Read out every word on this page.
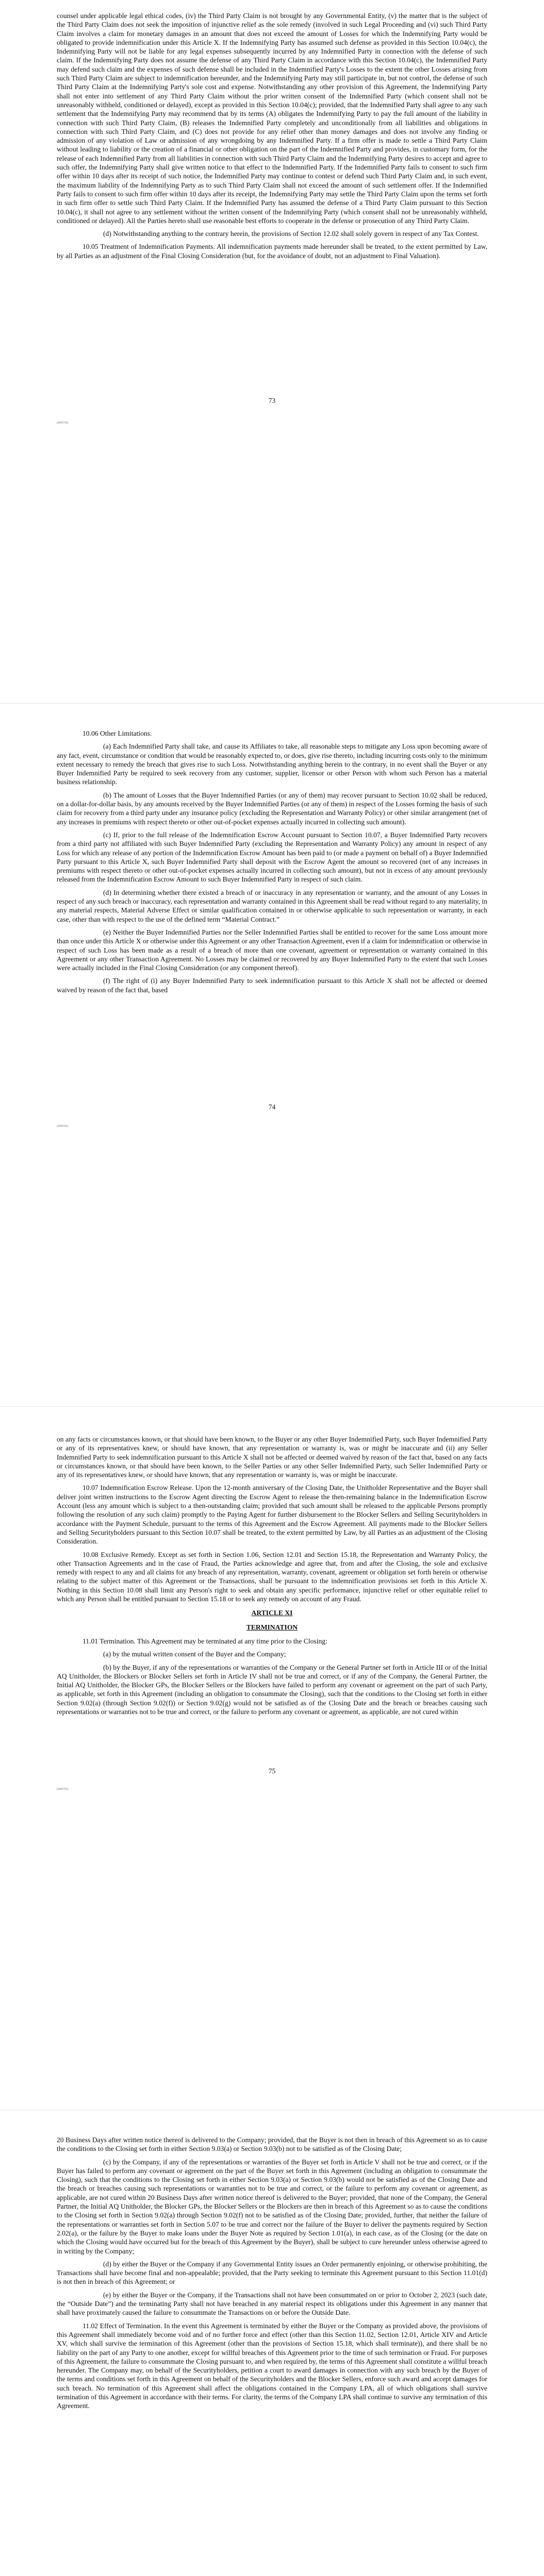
counsel under applicable legal ethical codes, (iv) the Third Party Claim is not brought by any Governmental Entity, (v) the matter that is the subject of the Third Party Claim does not seek the imposition of injunctive relief as the sole remedy (involved in such Legal Proceeding and (vi) such Third Party Claim involves a claim for monetary damages in an amount that does not exceed the amount of Losses for which the Indemnifying Party would be obligated to provide indemnification under this Article X. If the Indemnifying Party has assumed such defense as provided in this Section 10.04(c), the Indemnifying Party will not be liable for any legal expenses subsequently incurred by any Indemnified Party in connection with the defense of such claim. If the Indemnifying Party does not assume the defense of any Third Party Claim in accordance with this Section 10.04(c), the Indemnified Party may defend such claim and the expenses of such defense shall be included in the Indemnified Party's Losses to the extent the other Losses arising from such Third Party Claim are subject to indemnification hereunder, and the Indemnifying Party may still participate in, but not control, the defense of such Third Party Claim at the Indemnifying Party's sole cost and expense. Notwithstanding any other provision of this Agreement, the Indemnifying Party shall not enter into settlement of any Third Party Claim without the prior written consent of the Indemnified Party (which consent shall not be unreasonably withheld, conditioned or delayed), except as provided in this Section 10.04(c); provided, that the Indemnified Party shall agree to any such settlement that the Indemnifying Party may recommend that by its terms (A) obligates the Indemnifying Party to pay the full amount of the liability in connection with such Third Party Claim, (B) releases the Indemnified Party completely and unconditionally from all liabilities and obligations in connection with such Third Party Claim, and (C) does not provide for any relief other than money damages and does not involve any finding or admission of any violation of Law or admission of any wrongdoing by any Indemnified Party. If a firm offer is made to settle a Third Party Claim without leading to liability or the creation of a financial or other obligation on the part of the Indemnified Party and provides, in customary form, for the release of each Indemnified Party from all liabilities in connection with such Third Party Claim and the Indemnifying Party desires to accept and agree to such offer, the Indemnifying Party shall give written notice to that effect to the Indemnified Party. If the Indemnified Party fails to consent to such firm offer within 10 days after its receipt of such notice, the Indemnified Party may continue to contest or defend such Third Party Claim and, in such event, the maximum liability of the Indemnifying Party as to such Third Party Claim shall not exceed the amount of such settlement offer. If the Indemnified Party fails to consent to such firm offer within 10 days after its receipt, the Indemnifying Party may settle the Third Party Claim upon the terms set forth in such firm offer to settle such Third Party Claim. If the Indemnified Party has assumed the defense of a Third Party Claim pursuant to this Section 10.04(c), it shall not agree to any settlement without the written consent of the Indemnifying Party (which consent shall not be unreasonably withheld, conditioned or delayed). All the Parties hereto shall use reasonable best efforts to cooperate in the defense or prosecution of any Third Party Claim.

(d) Notwithstanding anything to the contrary herein, the provisions of Section 12.02 shall solely govern in respect of any Tax Contest.

10.05 Treatment of Indemnification Payments. All indemnification payments made hereunder shall be treated, to the extent permitted by Law, by all Parties as an adjustment of the Final Closing Consideration (but, for the avoidance of doubt, not an adjustment to Final Valuation).

73
[6099702]

10.06 Other Limitations.

(a) Each Indemnified Party shall take, and cause its Affiliates to take, all reasonable steps to mitigate any Loss upon becoming aware of any fact, event, circumstance or condition that would be reasonably expected to, or does, give rise thereto, including incurring costs only to the minimum extent necessary to remedy the breach that gives rise to such Loss. Notwithstanding anything herein to the contrary, in no event shall the Buyer or any Buyer Indemnified Party be required to seek recovery from any customer, supplier, licensor or other Person with whom such Person has a material business relationship.

(b) The amount of Losses that the Buyer Indemnified Parties (or any of them) may recover pursuant to Section 10.02 shall be reduced, on a dollar-for-dollar basis, by any amounts received by the Buyer Indemnified Parties (or any of them) in respect of the Losses forming the basis of such claim for recovery from a third party under any insurance policy (excluding the Representation and Warranty Policy) or other similar arrangement (net of any increases in premiums with respect thereto or other out-of-pocket expenses actually incurred in collecting such amount).

(c) If, prior to the full release of the Indemnification Escrow Account pursuant to Section 10.07, a Buyer Indemnified Party recovers from a third party not affiliated with such Buyer Indemnified Party (excluding the Representation and Warranty Policy) any amount in respect of any Loss for which any release of any portion of the Indemnification Escrow Amount has been paid to (or made a payment on behalf of) a Buyer Indemnified Party pursuant to this Article X, such Buyer Indemnified Party shall deposit with the Escrow Agent the amount so recovered (net of any increases in premiums with respect thereto or other out-of-pocket expenses actually incurred in collecting such amount), but not in excess of any amount previously released from the Indemnification Escrow Amount to such Buyer Indemnified Party in respect of such claim.

(d) In determining whether there existed a breach of or inaccuracy in any representation or warranty, and the amount of any Losses in respect of any such breach or inaccuracy, each representation and warranty contained in this Agreement shall be read without regard to any materiality, in any material respects, Material Adverse Effect or similar qualification contained in or otherwise applicable to such representation or warranty, in each case, other than with respect to the use of the defined term “Material Contract.”

(e) Neither the Buyer Indemnified Parties nor the Seller Indemnified Parties shall be entitled to recover for the same Loss amount more than once under this Article X or otherwise under this Agreement or any other Transaction Agreement, even if a claim for indemnification or otherwise in respect of such Loss has been made as a result of a breach of more than one covenant, agreement or representation or warranty contained in this Agreement or any other Transaction Agreement. No Losses may be claimed or recovered by any Buyer Indemnified Party to the extent that such Losses were actually included in the Final Closing Consideration (or any component thereof).

(f) The right of (i) any Buyer Indemnified Party to seek indemnification pursuant to this Article X shall not be affected or deemed waived by reason of the fact that, based

74
[6099702]

on any facts or circumstances known, or that should have been known, to the Buyer or any other Buyer Indemnified Party, such Buyer Indemnified Party or any of its representatives knew, or should have known, that any representation or warranty is, was or might be inaccurate and (ii) any Seller Indemnified Party to seek indemnification pursuant to this Article X shall not be affected or deemed waived by reason of the fact that, based on any facts or circumstances known, or that should have been known, to the Seller Parties or any other Seller Indemnified Party, such Seller Indemnified Party or any of its representatives knew, or should have known, that any representation or warranty is, was or might be inaccurate.

10.07 Indemnification Escrow Release. Upon the 12-month anniversary of the Closing Date, the Unitholder Representative and the Buyer shall deliver joint written instructions to the Escrow Agent directing the Escrow Agent to release the then-remaining balance in the Indemnification Escrow Account (less any amount which is subject to a then-outstanding claim; provided that such amount shall be released to the applicable Persons promptly following the resolution of any such claim) promptly to the Paying Agent for further disbursement to the Blocker Sellers and Selling Securityholders in accordance with the Payment Schedule, pursuant to the terms of this Agreement and the Escrow Agreement. All payments made to the Blocker Sellers and Selling Securityholders pursuant to this Section 10.07 shall be treated, to the extent permitted by Law, by all Parties as an adjustment of the Closing Consideration.

10.08 Exclusive Remedy. Except as set forth in Section 1.06, Section 12.01 and Section 15.18, the Representation and Warranty Policy, the other Transaction Agreements and in the case of Fraud, the Parties acknowledge and agree that, from and after the Closing, the sole and exclusive remedy with respect to any and all claims for any breach of any representation, warranty, covenant, agreement or obligation set forth herein or otherwise relating to the subject matter of this Agreement or the Transactions, shall be pursuant to the indemnification provisions set forth in this Article X. Nothing in this Section 10.08 shall limit any Person's right to seek and obtain any specific performance, injunctive relief or other equitable relief to which any Person shall be entitled pursuant to Section 15.18 or to seek any remedy on account of any Fraud.

ARTICLE XI

TERMINATION

11.01 Termination. This Agreement may be terminated at any time prior to the Closing:

(a) by the mutual written consent of the Buyer and the Company;

(b) by the Buyer, if any of the representations or warranties of the Company or the General Partner set forth in Article III or of the Initial AQ Unitholder, the Blockers or Blocker Sellers set forth in Article IV shall not be true and correct, or if any of the Company, the General Partner, the Initial AQ Unitholder, the Blocker GPs, the Blocker Sellers or the Blockers have failed to perform any covenant or agreement on the part of such Party, as applicable, set forth in this Agreement (including an obligation to consummate the Closing), such that the conditions to the Closing set forth in either Section 9.02(a) (through Section 9.02(f)) or Section 9.02(g) would not be satisfied as of the Closing Date and the breach or breaches causing such representations or warranties not to be true and correct, or the failure to perform any covenant or agreement, as applicable, are not cured within

75
[6099702]

20 Business Days after written notice thereof is delivered to the Company; provided, that the Buyer is not then in breach of this Agreement so as to cause the conditions to the Closing set forth in either Section 9.03(a) or Section 9.03(b) not to be satisfied as of the Closing Date;

(c) by the Company, if any of the representations or warranties of the Buyer set forth in Article V shall not be true and correct, or if the Buyer has failed to perform any covenant or agreement on the part of the Buyer set forth in this Agreement (including an obligation to consummate the Closing), such that the conditions to the Closing set forth in either Section 9.03(a) or Section 9.03(b) would not be satisfied as of the Closing Date and the breach or breaches causing such representations or warranties not to be true and correct, or the failure to perform any covenant or agreement, as applicable, are not cured within 20 Business Days after written notice thereof is delivered to the Buyer; provided, that none of the Company, the General Partner, the Initial AQ Unitholder, the Blocker GPs, the Blocker Sellers or the Blockers are then in breach of this Agreement so as to cause the conditions to the Closing set forth in Section 9.02(a) through Section 9.02(f) not to be satisfied as of the Closing Date; provided, further, that neither the failure of the representations or warranties set forth in Section 5.07 to be true and correct nor the failure of the Buyer to deliver the payments required by Section 2.02(a), or the failure by the Buyer to make loans under the Buyer Note as required by Section 1.01(a), in each case, as of the Closing (or the date on which the Closing would have occurred but for the breach of this Agreement by the Buyer), shall be subject to cure hereunder unless otherwise agreed to in writing by the Company;

(d) by either the Buyer or the Company if any Governmental Entity issues an Order permanently enjoining, or otherwise prohibiting, the Transactions shall have become final and non-appealable; provided, that the Party seeking to terminate this Agreement pursuant to this Section 11.01(d) is not then in breach of this Agreement; or

(e) by either the Buyer or the Company, if the Transactions shall not have been consummated on or prior to October 2, 2023 (such date, the “Outside Date”) and the terminating Party shall not have breached in any material respect its obligations under this Agreement in any manner that shall have proximately caused the failure to consummate the Transactions on or before the Outside Date.

11.02 Effect of Termination. In the event this Agreement is terminated by either the Buyer or the Company as provided above, the provisions of this Agreement shall immediately become void and of no further force and effect (other than this Section 11.02, Section 12.01, Article XIV and Article XV, which shall survive the termination of this Agreement (other than the provisions of Section 15.18, which shall terminate)), and there shall be no liability on the part of any Party to one another, except for willful breaches of this Agreement prior to the time of such termination or Fraud. For purposes of this Agreement, the failure to consummate the Closing pursuant to, and when required by, the terms of this Agreement shall constitute a willful breach hereunder. The Company may, on behalf of the Securityholders, petition a court to award damages in connection with any such breach by the Buyer of the terms and conditions set forth in this Agreement on behalf of the Securityholders and the Blocker Sellers, enforce such award and accept damages for such breach. No termination of this Agreement shall affect the obligations contained in the Company LPA, all of which obligations shall survive termination of this Agreement in accordance with their terms. For clarity, the terms of the Company LPA shall continue to survive any termination of this Agreement.
